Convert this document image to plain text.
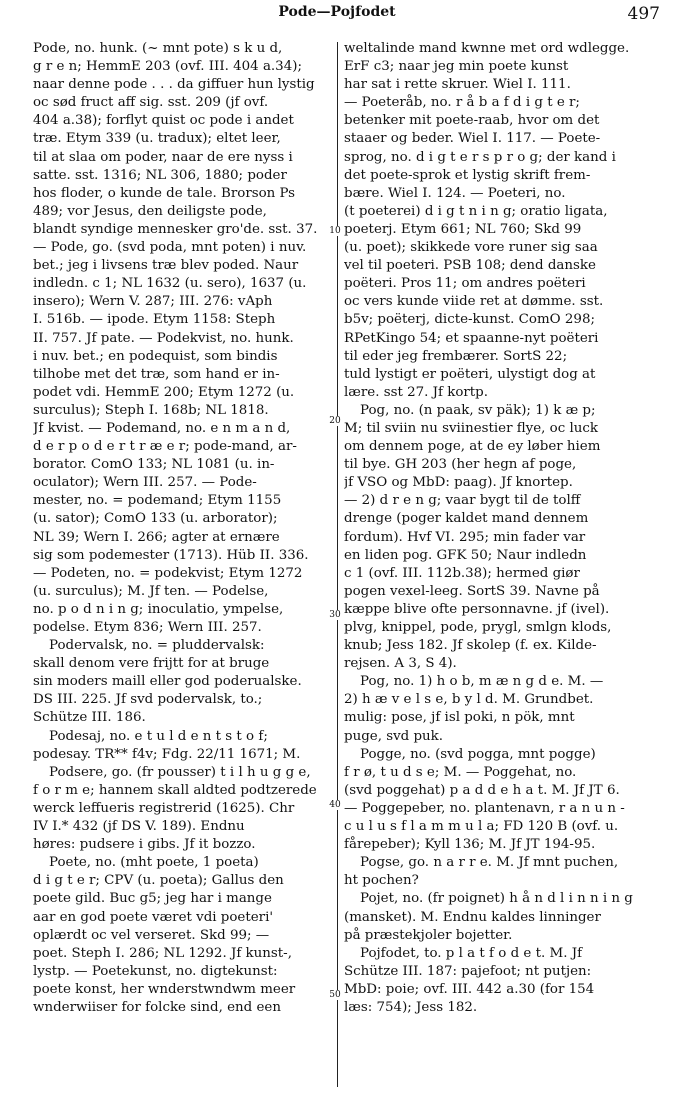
Pode—Pojfodet	497
Pode, no. hunk. (~ mnt pote) s k u d,
g r e n; HemmE 203 (ovf. III. 404 a.34);
naar denne pode . . . da giffuer hun lystig
oc sød fruct aff sig. sst. 209 (jf ovf.
404 a.38); forflyt quist oc pode i andet
træ. Etym 339 (u. tradux); eltet leer,
til at slaa om poder, naar de ere nyss i
satte. sst. 1316; NL 306, 1880; poder
hos floder, o kunde de tale. Brorson Ps
489; vor Jesus, den deiligste pode,
blandt syndige mennesker gro'de. sst. 37.
— Pode, go. (svd poda, mnt poten) i nuv.
bet.; jeg i livsens træ blev poded. Naur
indledn. c 1; NL 1632 (u. sero), 1637 (u.
insero); Wern V. 287; III. 276: vAph
I. 516b. — ipode. Etym 1158: Steph
II. 757. Jf pate. — Podekvist, no. hunk.
i nuv. bet.; en podequist, som bindis
tilhobe met det træ, som hand er in-
podet vdi. HemmE 200; Etym 1272 (u.
surculus); Steph I. 168b; NL 1818.
Jf kvist. — Podemand, no. e n m a n d,
d e r p o d e r t r æ e r; pode-mand, ar-
borator. ComO 133; NL 1081 (u. in-
oculator); Wern III. 257. — Pode-
mester, no. = podemand; Etym 1155
(u. sator); ComO 133 (u. arborator);
NL 39; Wern I. 266; agter at ernære
sig som podemester (1713). Hüb II. 336.
— Podeten, no. = podekvist; Etym 1272
(u. surculus); M. Jf ten. — Podelse,
no. p o d n i n g; inoculatio, ympelse,
podelse. Etym 836; Wern III. 257.
Podervalsk, no. = pluddervalsk:
skall denom vere frijtt for at bruge
sin moders maill eller god poderualske.
DS III. 225. Jf svd podervalsk, to.;
Schütze III. 186.
Podesaj, no. e t u l d e n t s t o f;
podesay. TR** f4v; Fdg. 22/11 1671; M.
Podsere, go. (fr pousser) t i l h u g g e,
f o r m e; hannem skall aldted podtzerede
werck leffueris registrerid (1625). Chr
IV I.* 432 (jf DS V. 189). Endnu
høres: pudsere i gibs. Jf it bozzo.
Poete, no. (mht poete, 1 poeta)
d i g t e r; CPV (u. poeta); Gallus den
poete gild. Buc g5; jeg har i mange
aar en god poete været vdi poeteri'
oplærdt oc vel verseret. Skd 99; —
poet. Steph I. 286; NL 1292. Jf kunst-,
lystp. — Poetekunst, no. digtekunst:
poete konst, her wnderstwndwm meer
wnderwiiser for folcke sind, end een
weltalinde mand kwnne met ord wdlegge.
ErF c3; naar jeg min poete kunst
har sat i rette skruer. Wiel I. 111.
— Poeteråb, no. r å b a f d i g t e r;
betenker mit poete-raab, hvor om det
staaer og beder. Wiel I. 117. — Poete-
sprog, no. d i g t e r s p r o g; der kand i
det poete-sprok et lystig skrift frem-
bære. Wiel I. 124. — Poeteri, no.
(t poeterei) d i g t n i n g; oratio ligata,
poeterj. Etym 661; NL 760; Skd 99
(u. poet); skikkede vore runer sig saa
vel til poeteri. PSB 108; dend danske
poëteri. Pros 11; om andres poëteri
oc vers kunde viide ret at dømme. sst.
b5v; poëterj, dicte-kunst. ComO 298;
RPetKingo 54; et spaanne-nyt poëteri
til eder jeg frembærer. SortS 22;
tuld lystigt er poëteri, ulystigt dog at
lære. sst 27. Jf kortp.
Pog, no. (n paak, sv päk); 1) k æ p;
M; til sviin nu sviinestier flye, oc luck
om dennem poge, at de ey løber hiem
til bye. GH 203 (her hegn af poge,
jf VSO og MbD: paag). Jf knortep.
— 2) d r e n g; vaar bygt til de tolff
drenge (poger kaldet mand dennem
fordum). Hvf VI. 295; min fader var
en liden pog. GFK 50; Naur indledn
c 1 (ovf. III. 112b.38); hermed giør
pogen vexel-leeg. SortS 39. Navne på
kæppe blive ofte personnavne. jf (ivel).
plvg, knippel, pode, prygl, smlgn klods,
knub; Jess 182. Jf skolep (f. ex. Kilde-
rejsen. A 3, S 4).
Pog, no. 1) h o b, m æ n g d e. M. —
2) h æ v e l s e, b y l d. M. Grundbet.
mulig: pose, jf isl poki, n pök, mnt
puge, svd puk.
Pogge, no. (svd pogga, mnt pogge)
f r ø, t u d s e; M. — Poggehat, no.
(svd poggehat) p a d d e h a t. M. Jf JT 6.
— Poggepeber, no. plantenavn, r a n u n -
c u l u s f l a m m u l a; FD 120 B (ovf. u.
fårepeber); Kyll 136; M. Jf JT 194-95.
Pogse, go. n a r r e. M. Jf mnt puchen,
ht pochen?
Pojet, no. (fr poignet) h å n d l i n n i n g
(mansket). M. Endnu kaldes linninger
på præstekjoler bojetter.
Pojfodet, to. p l a t f o d e t. M. Jf
Schütze III. 187: pajefoot; nt putjen:
MbD: poie; ovf. III. 442 a.30 (for 154
læs: 754); Jess 182.
10
20
30
40
50
